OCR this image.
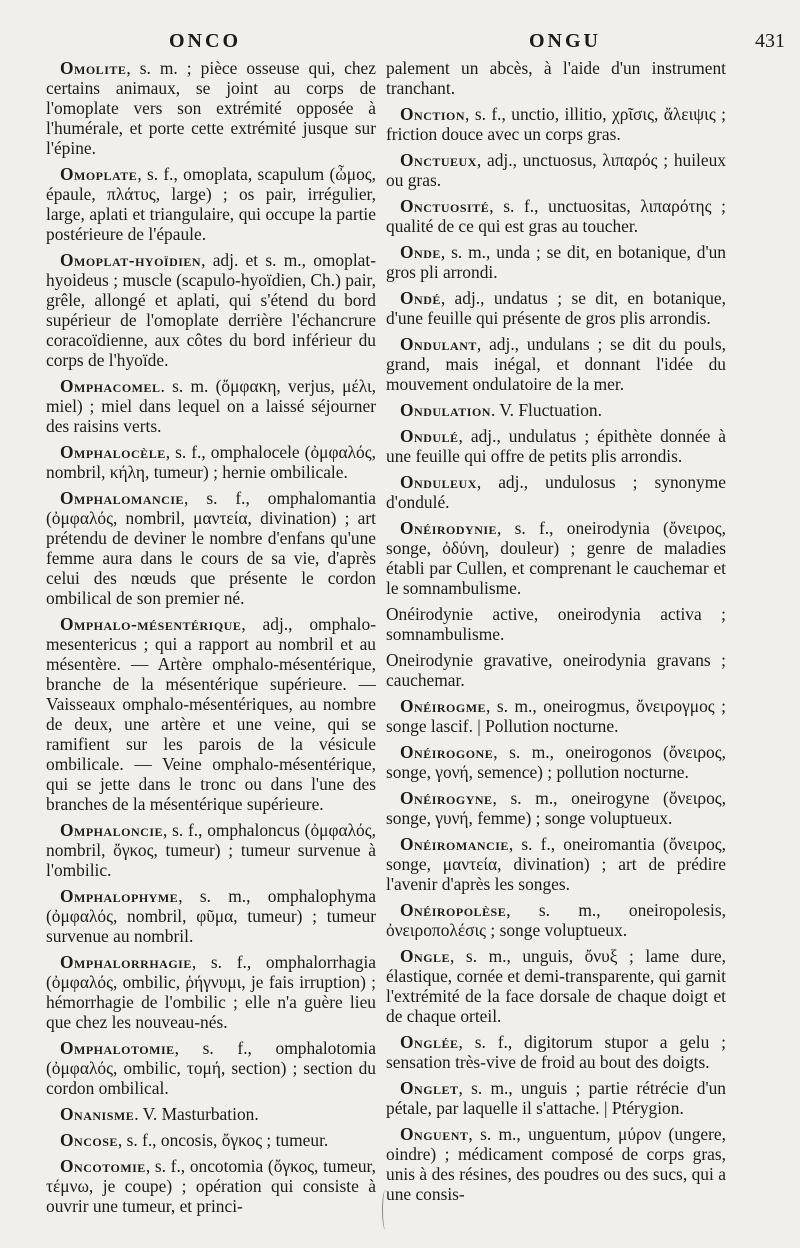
ONCO	ONGU	431

Omolite, s. m. ; pièce osseuse qui, chez certains animaux, se joint au corps de l'omoplate vers son extrémité opposée à l'humérale, et porte cette extrémité jusque sur l'épine.

Omoplate, s. f., omoplata, scapulum (ὦμος, épaule, πλάτυς, large) ; os pair, irrégulier, large, aplati et triangulaire, qui occupe la partie postérieure de l'épaule.

Omoplat-hyoïdien, adj. et s. m., omoplat-hyoideus ; muscle (scapulo-hyoïdien, Ch.) pair, grêle, allongé et aplati, qui s'étend du bord supérieur de l'omoplate derrière l'échancrure coracoïdienne, aux côtes du bord inférieur du corps de l'hyoïde.

Omphacomel. s. m. (ὄμφακη, verjus, μέλι, miel) ; miel dans lequel on a laissé séjourner des raisins verts.

Omphalocèle, s. f., omphalocele (ὀμφαλός, nombril, κήλη, tumeur) ; hernie ombilicale.

Omphalomancie, s. f., omphalomantia (ὀμφαλός, nombril, μαντεία, divination) ; art prétendu de deviner le nombre d'enfans qu'une femme aura dans le cours de sa vie, d'après celui des nœuds que présente le cordon ombilical de son premier né.

Omphalo-mésentérique, adj., omphalo-mesentericus ; qui a rapport au nombril et au mésentère. — Artère omphalo-mésentérique, branche de la mésentérique supérieure. — Vaisseaux omphalo-mésentériques, au nombre de deux, une artère et une veine, qui se ramifient sur les parois de la vésicule ombilicale. — Veine omphalo-mésentérique, qui se jette dans le tronc ou dans l'une des branches de la mésentérique supérieure.

Omphaloncie, s. f., omphaloncus (ὀμφαλός, nombril, ὄγκος, tumeur) ; tumeur survenue à l'ombilic.

Omphalophyme, s. m., omphalophyma (ὀμφαλός, nombril, φῦμα, tumeur) ; tumeur survenue au nombril.

Omphalorrhagie, s. f., omphalorrhagia (ὀμφαλός, ombilic, ῥήγνυμι, je fais irruption) ; hémorrhagie de l'ombilic ; elle n'a guère lieu que chez les nouveau-nés.

Omphalotomie, s. f., omphalotomia (ὀμφαλός, ombilic, τομή, section) ; section du cordon ombilical.

Onanisme. V. Masturbation.

Oncose, s. f., oncosis, ὄγκος ; tumeur.

Oncotomie, s. f., oncotomia (ὄγκος, tumeur, τέμνω, je coupe) ; opération qui consiste à ouvrir une tumeur, et princi-

palement un abcès, à l'aide d'un instrument tranchant.

Onction, s. f., unctio, illitio, χρῖσις, ἄλειψις ; friction douce avec un corps gras.

Onctueux, adj., unctuosus, λιπαρός ; huileux ou gras.

Onctuosité, s. f., unctuositas, λιπαρότης ; qualité de ce qui est gras au toucher.

Onde, s. m., unda ; se dit, en botanique, d'un gros pli arrondi.

Ondé, adj., undatus ; se dit, en botanique, d'une feuille qui présente de gros plis arrondis.

Ondulant, adj., undulans ; se dit du pouls, grand, mais inégal, et donnant l'idée du mouvement ondulatoire de la mer.

Ondulation. V. Fluctuation.

Ondulé, adj., undulatus ; épithète donnée à une feuille qui offre de petits plis arrondis.

Onduleux, adj., undulosus ; synonyme d'ondulé.

Onéirodynie, s. f., oneirodynia (ὄνειρος, songe, ὀδύνη, douleur) ; genre de maladies établi par Cullen, et comprenant le cauchemar et le somnambulisme.

Onéirodynie active, oneirodynia activa ; somnambulisme.

Oneirodynie gravative, oneirodynia gravans ; cauchemar.

Onéirogme, s. m., oneirogmus, ὄνειρογμος ; songe lascif. | Pollution nocturne.

Onéirogone, s. m., oneirogonos (ὄνειρος, songe, γονή, semence) ; pollution nocturne.

Onéirogyne, s. m., oneirogyne (ὄνειρος, songe, γυνή, femme) ; songe voluptueux.

Onéiromancie, s. f., oneiromantia (ὄνειρος, songe, μαντεία, divination) ; art de prédire l'avenir d'après les songes.

Onéiropolèse, s. m., oneiropolesis, ὀνειροπολέσις ; songe voluptueux.

Ongle, s. m., unguis, ὄνυξ ; lame dure, élastique, cornée et demi-transparente, qui garnit l'extrémité de la face dorsale de chaque doigt et de chaque orteil.

Onglée, s. f., digitorum stupor a gelu ; sensation très-vive de froid au bout des doigts.

Onglet, s. m., unguis ; partie rétrécie d'un pétale, par laquelle il s'attache. | Ptérygion.

Onguent, s. m., unguentum, μύρον (ungere, oindre) ; médicament composé de corps gras, unis à des résines, des poudres ou des sucs, qui a une consis-
